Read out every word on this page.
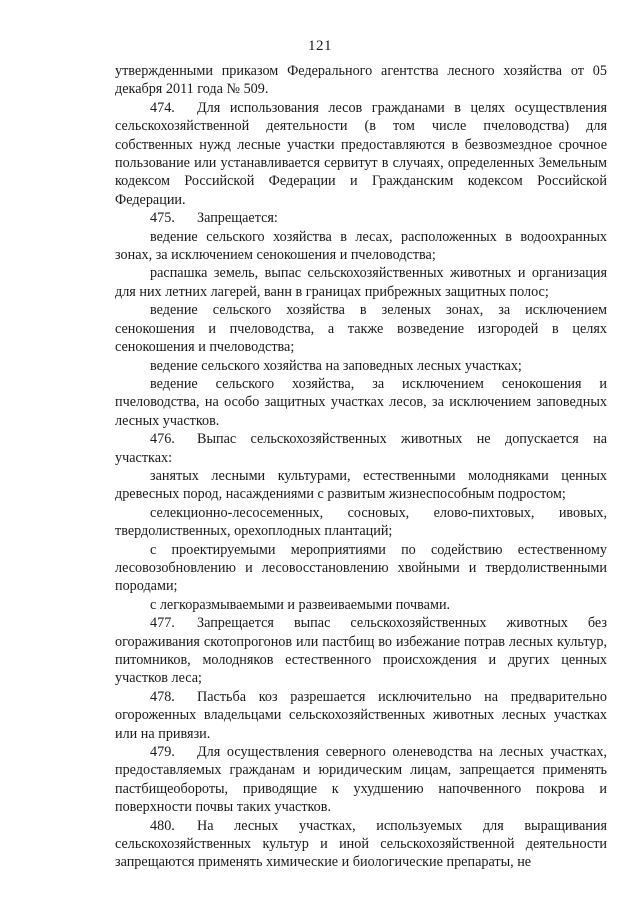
121

утвержденными приказом Федерального агентства лесного хозяйства от 05 декабря 2011 года № 509.

474. Для использования лесов гражданами в целях осуществления сельскохозяйственной деятельности (в том числе пчеловодства) для собственных нужд лесные участки предоставляются в безвозмездное срочное пользование или устанавливается сервитут в случаях, определенных Земельным кодексом Российской Федерации и Гражданским кодексом Российской Федерации.

475. Запрещается:

ведение сельского хозяйства в лесах, расположенных в водоохранных зонах, за исключением сенокошения и пчеловодства;

распашка земель, выпас сельскохозяйственных животных и организация для них летних лагерей, ванн в границах прибрежных защитных полос;

ведение сельского хозяйства в зеленых зонах, за исключением сенокошения и пчеловодства, а также возведение изгородей в целях сенокошения и пчеловодства;

ведение сельского хозяйства на заповедных лесных участках;

ведение сельского хозяйства, за исключением сенокошения и пчеловодства, на особо защитных участках лесов, за исключением заповедных лесных участков.

476. Выпас сельскохозяйственных животных не допускается на участках:

занятых лесными культурами, естественными молодняками ценных древесных пород, насаждениями с развитым жизнеспособным подростом;

селекционно-лесосеменных, сосновых, елово-пихтовых, ивовых, твердолиственных, орехоплодных плантаций;

с проектируемыми мероприятиями по содействию естественному лесовозобновлению и лесовосстановлению хвойными и твердолиственными породами;

с легкоразмываемыми и развеиваемыми почвами.

477. Запрещается выпас сельскохозяйственных животных без огораживания скотопрогонов или пастбищ во избежание потрав лесных культур, питомников, молодняков естественного происхождения и других ценных участков леса;

478. Пастьба коз разрешается исключительно на предварительно огороженных владельцами сельскохозяйственных животных лесных участках или на привязи.

479. Для осуществления северного оленеводства на лесных участках, предоставляемых гражданам и юридическим лицам, запрещается применять пастбищеобороты, приводящие к ухудшению напочвенного покрова и поверхности почвы таких участков.

480. На лесных участках, используемых для выращивания сельскохозяйственных культур и иной сельскохозяйственной деятельности запрещаются применять химические и биологические препараты, не
